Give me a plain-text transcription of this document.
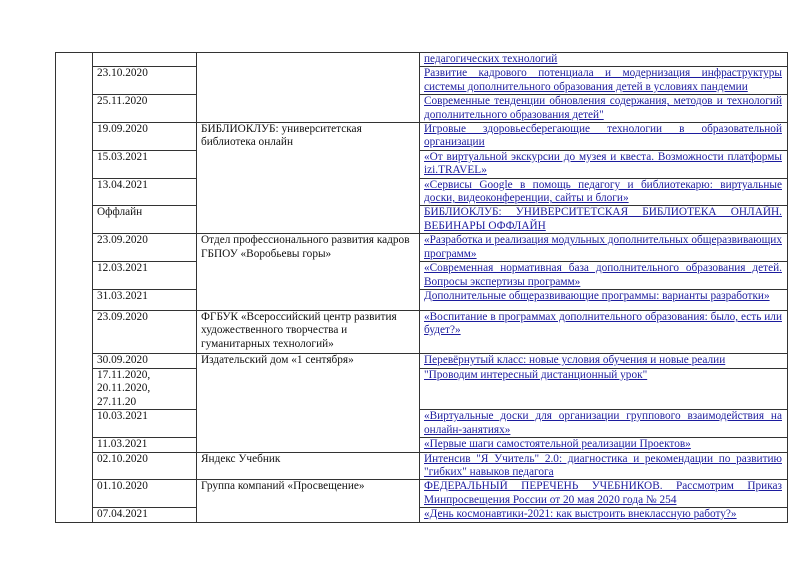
			педагогических технологий
	23.10.2020		Развитие кадрового потенциала и модернизация инфраструктуры системы дополнительного образования детей в условиях пандемии
	25.11.2020		Современные тенденции обновления содержания, методов и технологий дополнительного образования детей"
	19.09.2020	БИБЛИОКЛУБ: университетская библиотека онлайн	Игровые здоровьесберегающие технологии в образовательной организации
	15.03.2021		«От виртуальной экскурсии до музея и квеста. Возможности платформы izi.TRAVEL»
	13.04.2021		«Сервисы Google в помощь педагогу и библиотекарю: виртуальные доски, видеоконференции, сайты и блоги»
	Оффлайн		БИБЛИОКЛУБ: УНИВЕРСИТЕТСКАЯ БИБЛИОТЕКА ОНЛАЙН. ВЕБИНАРЫ ОФФЛАЙН
	23.09.2020	Отдел профессионального развития кадров ГБПОУ «Воробьевы горы»	«Разработка и реализация модульных дополнительных общеразвивающих программ»
	12.03.2021		«Современная нормативная база дополнительного образования детей. Вопросы экспертизы программ»
	31.03.2021		Дополнительные общеразвивающие программы: варианты разработки»
	23.09.2020	ФГБУК «Всероссийский центр развития художественного творчества и гуманитарных технологий»	«Воспитание в программах дополнительного образования: было, есть или будет?»
	30.09.2020	Издательский дом «1 сентября»	Перевёрнутый класс: новые условия обучения и новые реалии
	17.11.2020, 20.11.2020, 27.11.20		"Проводим интересный дистанционный урок"
	10.03.2021		«Виртуальные доски для организации группового взаимодействия на онлайн-занятиях»
	11.03.2021		«Первые шаги самостоятельной реализации Проектов»
	02.10.2020	Яндекс Учебник	Интенсив "Я Учитель" 2.0: диагностика и рекомендации по развитию "гибких" навыков педагога
	01.10.2020	Группа компаний «Просвещение»	ФЕДЕРАЛЬНЫЙ ПЕРЕЧЕНЬ УЧЕБНИКОВ. Рассмотрим Приказ Минпросвещения России от 20 мая 2020 года № 254
	07.04.2021		«День космонавтики-2021: как выстроить внеклассную работу?»
